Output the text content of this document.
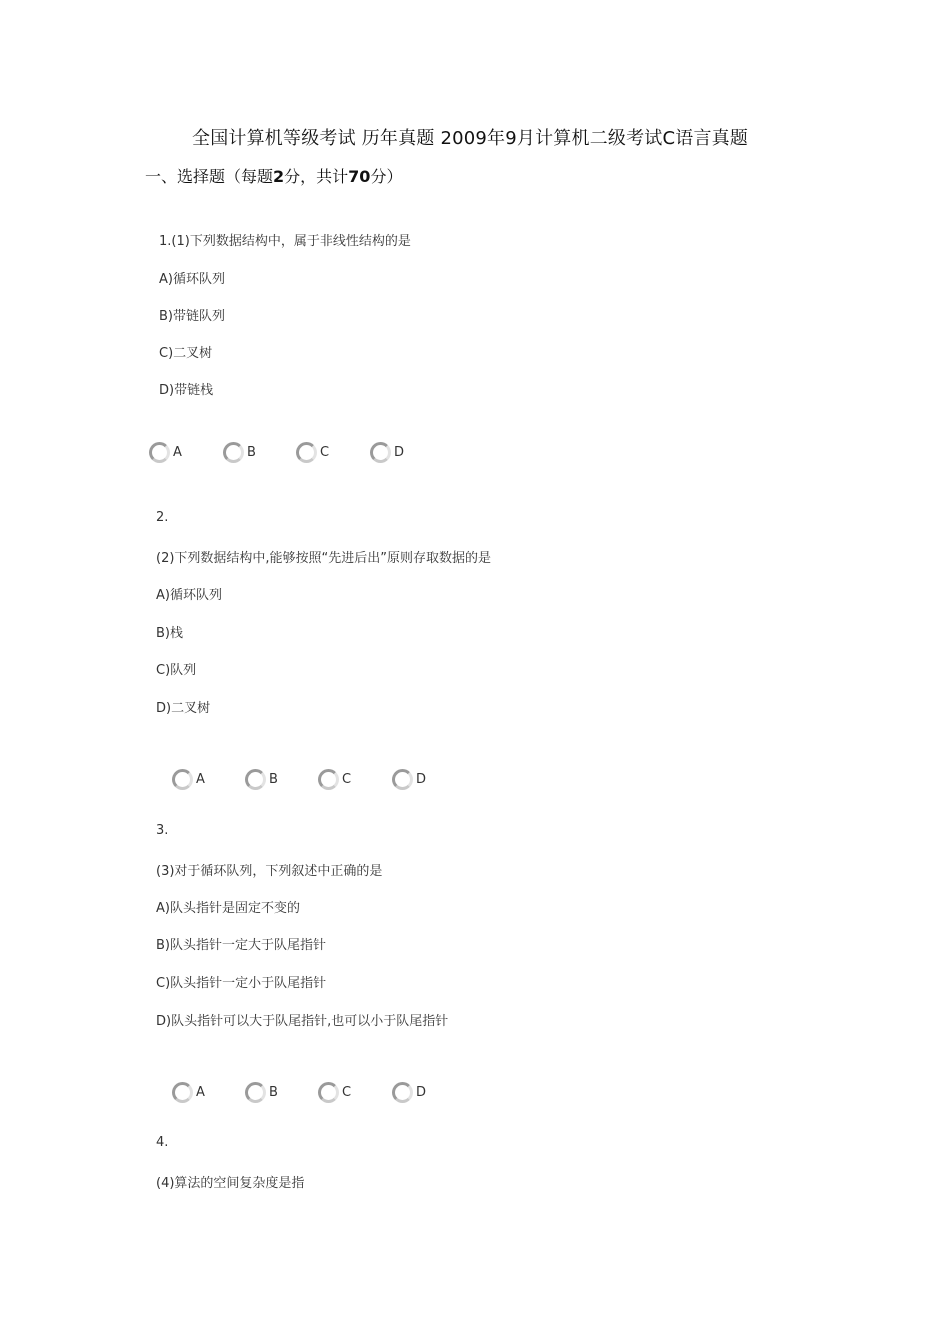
全国计算机等级考试 历年真题 2009年9月计算机二级考试C语言真题
一、选择题（每题2分，共计70分）
1.(1)下列数据结构中，属于非线性结构的是
A)循环队列
B)带链队列
C)二叉树
D)带链栈
A	B	C	D
2.
(2)下列数据结构中,能够按照“先进后出”原则存取数据的是
A)循环队列
B)栈
C)队列
D)二叉树
A	B	C	D
3.
(3)对于循环队列，下列叙述中正确的是
A)队头指针是固定不变的
B)队头指针一定大于队尾指针
C)队头指针一定小于队尾指针
D)队头指针可以大于队尾指针,也可以小于队尾指针
A	B	C	D
4.
(4)算法的空间复杂度是指
